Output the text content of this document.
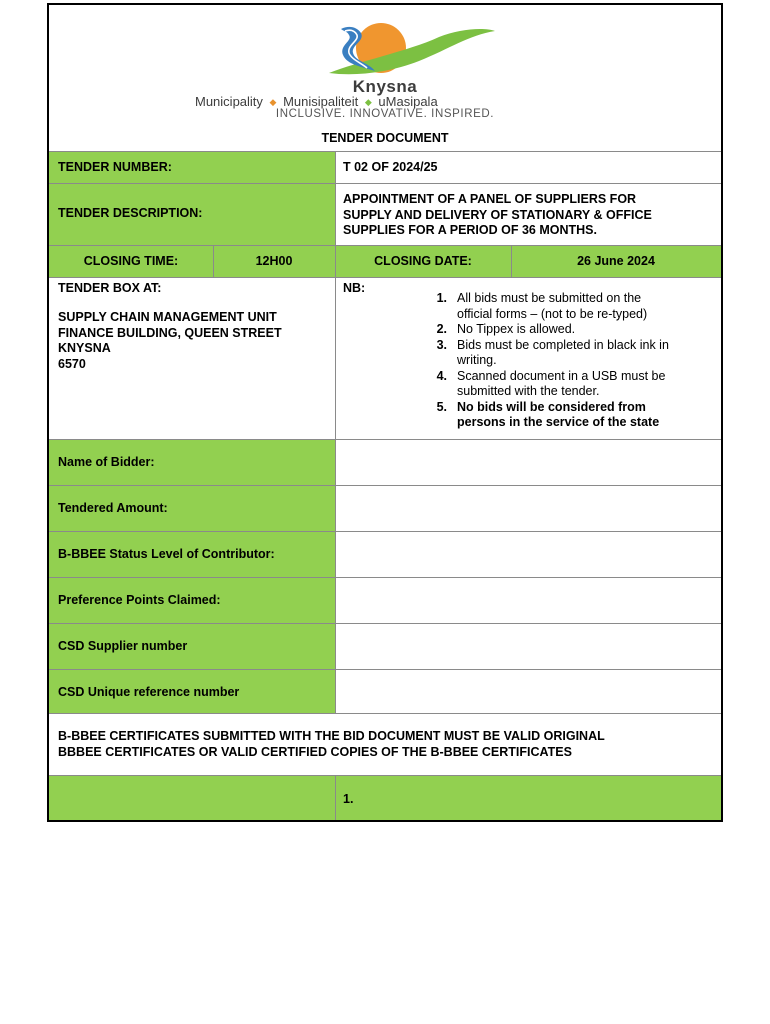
Knysna
Municipality ◆ Munisipaliteit ◆ uMasipala
INCLUSIVE. INNOVATIVE. INSPIRED.
TENDER DOCUMENT
TENDER NUMBER:	T 02 OF 2024/25
TENDER DESCRIPTION:
APPOINTMENT OF A PANEL OF SUPPLIERS FOR
SUPPLY AND DELIVERY OF STATIONARY & OFFICE
SUPPLIES FOR A PERIOD OF 36 MONTHS.
CLOSING TIME:	12H00	CLOSING DATE:	26 June 2024
TENDER BOX AT:
SUPPLY CHAIN MANAGEMENT UNIT
FINANCE BUILDING, QUEEN STREET
KNYSNA
6570
NB:
1. All bids must be submitted on the
official forms – (not to be re-typed)
2. No Tippex is allowed.
3. Bids must be completed in black ink in
writing.
4. Scanned document in a USB must be
submitted with the tender.
5. No bids will be considered from
persons in the service of the state
Name of Bidder:
Tendered Amount:
B-BBEE Status Level of Contributor:
Preference Points Claimed:
CSD Supplier number
CSD Unique reference number
B-BBEE CERTIFICATES SUBMITTED WITH THE BID DOCUMENT MUST BE VALID ORIGINAL
BBBEE CERTIFICATES OR VALID CERTIFIED COPIES OF THE B-BBEE CERTIFICATES
1.
